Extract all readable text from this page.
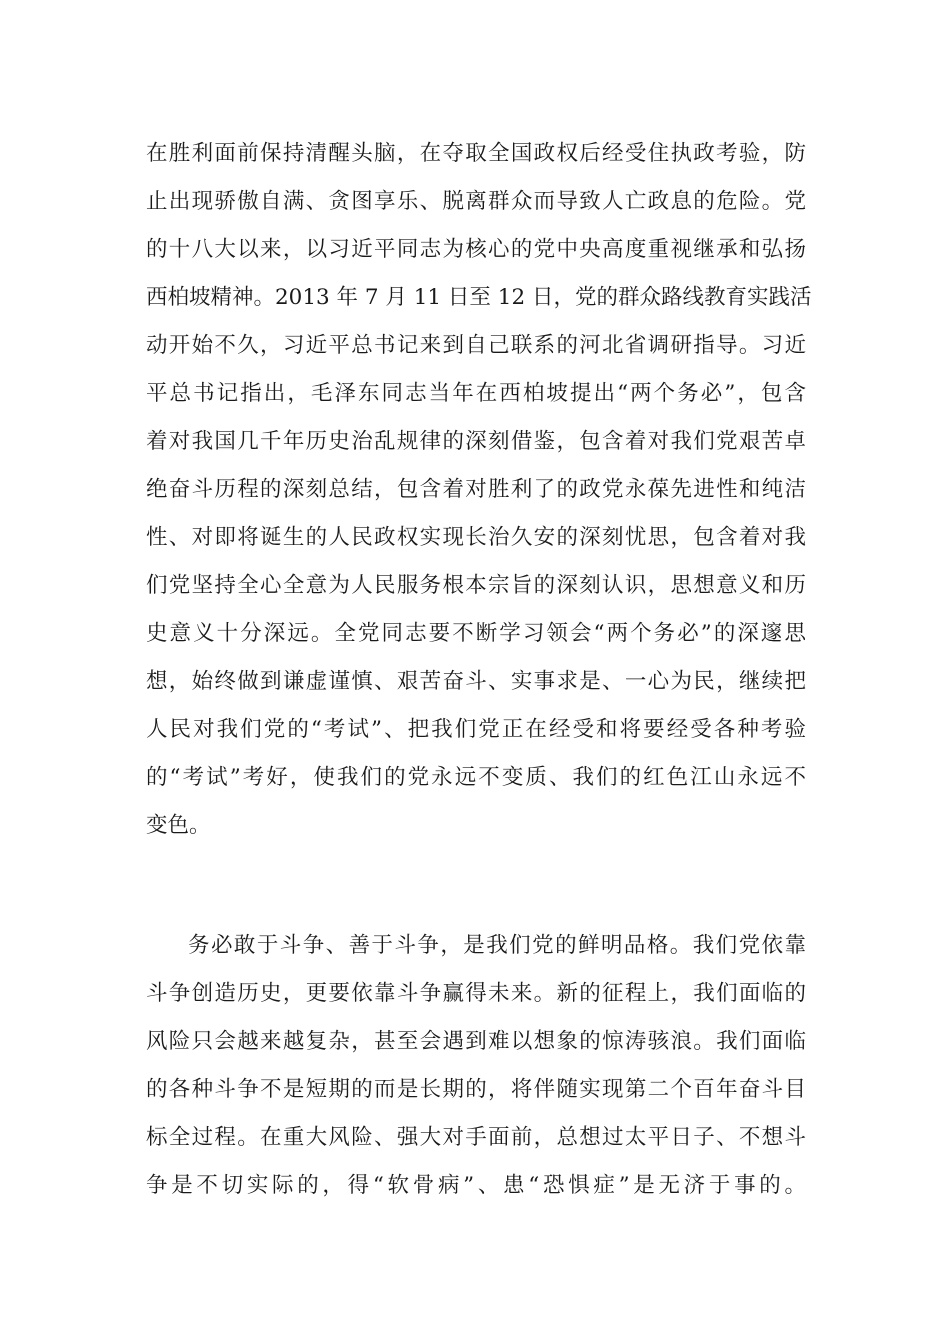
在胜利面前保持清醒头脑，在夺取全国政权后经受住执政考验，防
止出现骄傲自满、贪图享乐、脱离群众而导致人亡政息的危险。党
的十八大以来，以习近平同志为核心的党中央高度重视继承和弘扬
西柏坡精神。2013 年 7 月 11 日至 12 日，党的群众路线教育实践活
动开始不久，习近平总书记来到自己联系的河北省调研指导。习近
平总书记指出，毛泽东同志当年在西柏坡提出“两个务必”，包含
着对我国几千年历史治乱规律的深刻借鉴，包含着对我们党艰苦卓
绝奋斗历程的深刻总结，包含着对胜利了的政党永葆先进性和纯洁
性、对即将诞生的人民政权实现长治久安的深刻忧思，包含着对我
们党坚持全心全意为人民服务根本宗旨的深刻认识，思想意义和历
史意义十分深远。全党同志要不断学习领会“两个务必”的深邃思
想，始终做到谦虚谨慎、艰苦奋斗、实事求是、一心为民，继续把
人民对我们党的“考试”、把我们党正在经受和将要经受各种考验
的“考试”考好，使我们的党永远不变质、我们的红色江山永远不
变色。
务必敢于斗争、善于斗争，是我们党的鲜明品格。我们党依靠
斗争创造历史，更要依靠斗争赢得未来。新的征程上，我们面临的
风险只会越来越复杂，甚至会遇到难以想象的惊涛骇浪。我们面临
的各种斗争不是短期的而是长期的，将伴随实现第二个百年奋斗目
标全过程。在重大风险、强大对手面前，总想过太平日子、不想斗
争是不切实际的，得“软骨病”、患“恐惧症”是无济于事的。
